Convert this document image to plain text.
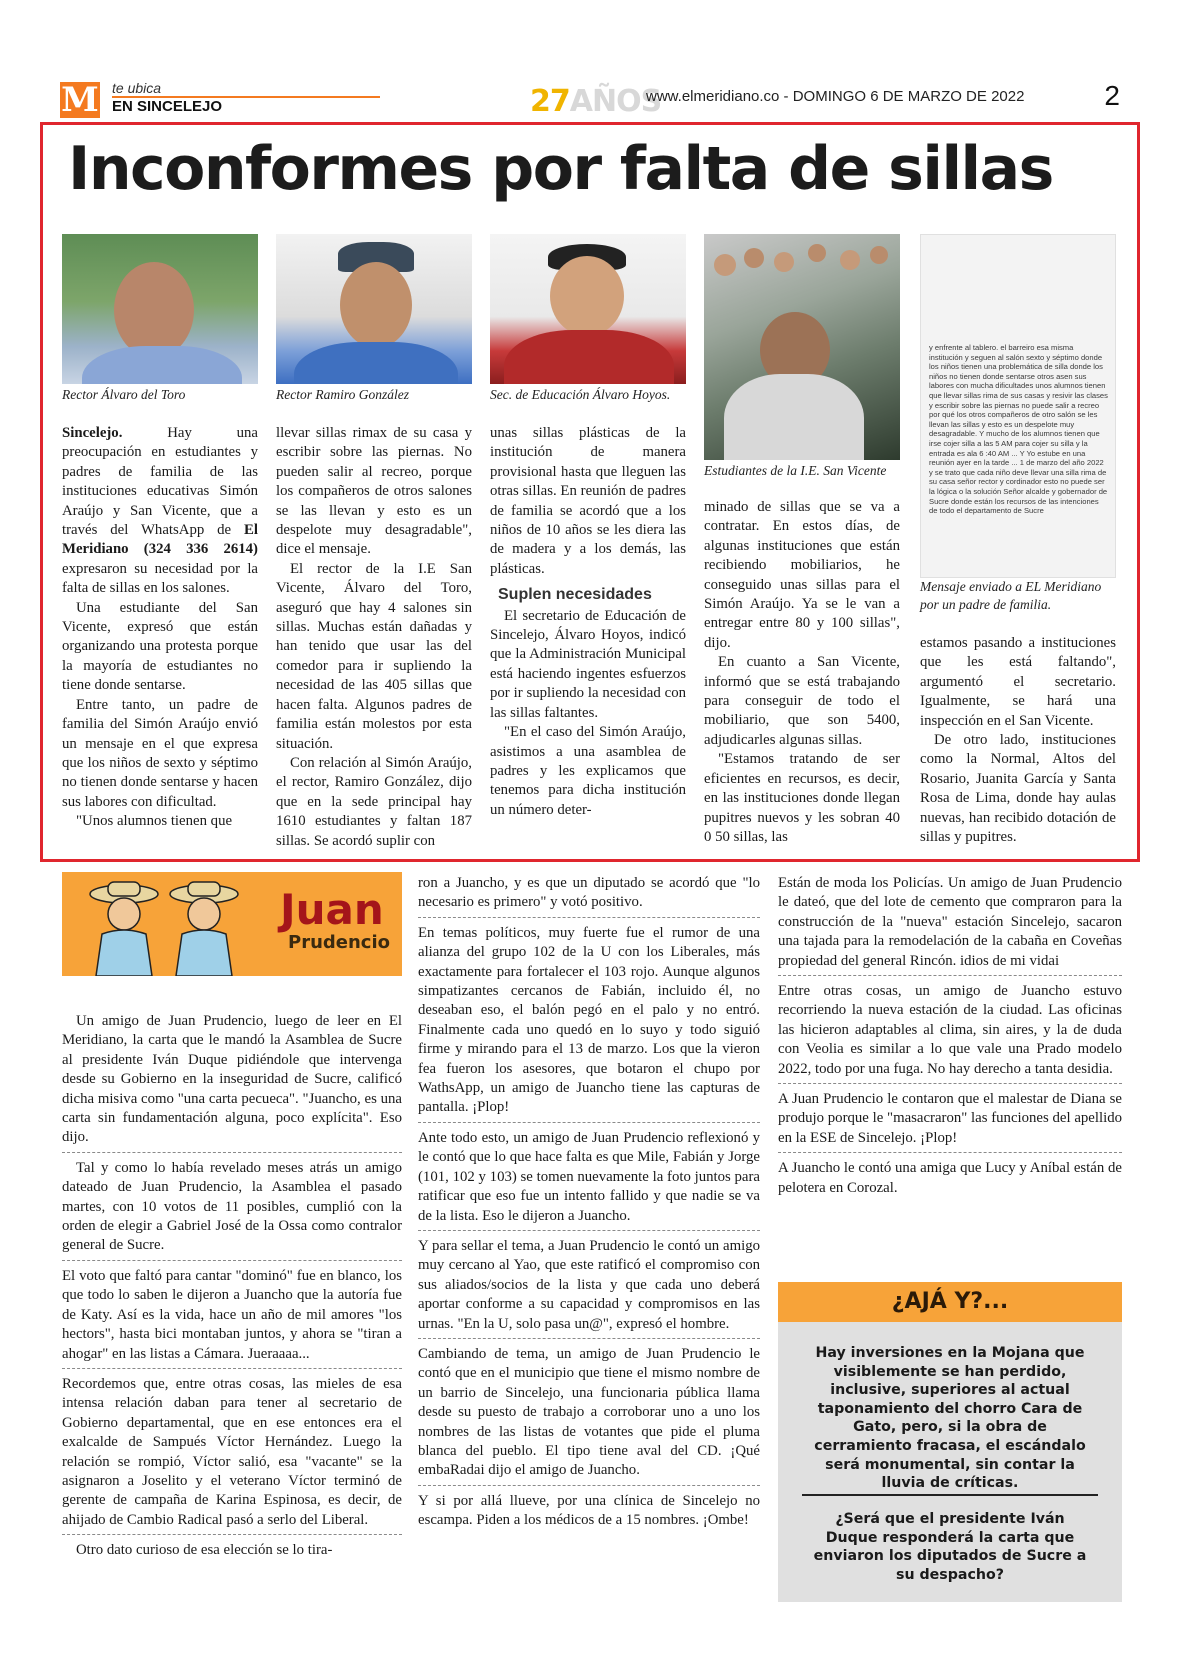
M te ubica
EN SINCELEJO	27AÑOS
www.elmeridiano.co - DOMINGO 6 DE MARZO DE 2022	2
Inconformes por falta de sillas
y enfrente al tablero. el barreiro esa misma institución y seguen al salón sexto y séptimo donde los niños tienen una problemática de silla donde los niños no tienen donde sentarse otros asen sus labores con mucha dificultades unos alumnos tienen que llevar sillas rima de sus casas y resivir las clases y escribir sobre las piernas no puede salir a recreo por qué los otros compañeros de otro salón se les llevan las sillas y esto es un despelote muy desagradable. Y mucho de los alumnos tienen que irse cojer silla a las 5 AM para cojer su silla y la entrada es ala 6 :40 AM ... Y Yo estube en una reunión ayer en la tarde ... 1 de marzo del año 2022 y se trato que cada niño deve llevar una silla rima de su casa señor rector y cordinador esto no puede ser la lógica o la solución Señor alcalde y gobernador de Sucre donde están los recursos de las intenciones de todo el departamento de Sucre
Rector Álvaro del Toro	Rector Ramiro González	Sec. de Educación Álvaro Hoyos.
Estudiantes de la I.E. San Vicente
Mensaje enviado a EL Meridiano por un padre de familia.

Sincelejo. Hay una preocupación en estudiantes y padres de familia de las instituciones educativas Simón Araújo y San Vicente, que a través del WhatsApp de El Meridiano (324 336 2614) expresaron su necesidad por la falta de sillas en los salones.

Una estudiante del San Vicente, expresó que están organizando una protesta porque la mayoría de estudiantes no tiene donde sentarse.

Entre tanto, un padre de familia del Simón Araújo envió un mensaje en el que expresa que los niños de sexto y séptimo no tienen donde sentarse y hacen sus labores con dificultad.

"Unos alumnos tienen que

llevar sillas rimax de su casa y escribir sobre las piernas. No pueden salir al recreo, porque los compañeros de otros salones se las llevan y esto es un despelote muy desagradable", dice el mensaje.

El rector de la I.E San Vicente, Álvaro del Toro, aseguró que hay 4 salones sin sillas. Muchas están dañadas y han tenido que usar las del comedor para ir supliendo la necesidad de las 405 sillas que hacen falta. Algunos padres de familia están molestos por esta situación.

Con relación al Simón Araújo, el rector, Ramiro González, dijo que en la sede principal hay 1610 estudiantes y faltan 187 sillas. Se acordó suplir con

unas sillas plásticas de la institución de manera provisional hasta que lleguen las otras sillas. En reunión de padres de familia se acordó que a los niños de 10 años se les diera las de madera y a los demás, las plásticas.

Suplen necesidades

El secretario de Educación de Sincelejo, Álvaro Hoyos, indicó que la Administración Municipal está haciendo ingentes esfuerzos por ir supliendo la necesidad con las sillas faltantes.

"En el caso del Simón Araújo, asistimos a una asamblea de padres y les explicamos que tenemos para dicha institución un número deter-

minado de sillas que se va a contratar. En estos días, de algunas instituciones que están recibiendo mobiliarios, he conseguido unas sillas para el Simón Araújo. Ya se le van a entregar entre 80 y 100 sillas", dijo.

En cuanto a San Vicente, informó que se está trabajando para conseguir de todo el mobiliario, que son 5400, adjudicarles algunas sillas.

"Estamos tratando de ser eficientes en recursos, es decir, en las instituciones donde llegan pupitres nuevos y les sobran 40 0 50 sillas, las

estamos pasando a instituciones que les está faltando", argumentó el secretario. Igualmente, se hará una inspección en el San Vicente.

De otro lado, instituciones como la Normal, Altos del Rosario, Juanita García y Santa Rosa de Lima, donde hay aulas nuevas, han recibido dotación de sillas y pupitres.

Juan
Prudencio

Un amigo de Juan Prudencio, luego de leer en El Meridiano, la carta que le mandó la Asamblea de Sucre al presidente Iván Duque pidiéndole que intervenga desde su Gobierno en la inseguridad de Sucre, calificó dicha misiva como "una carta pecueca". "Juancho, es una carta sin fundamentación alguna, poco explícita". Eso dijo.

Tal y como lo había revelado meses atrás un amigo dateado de Juan Prudencio, la Asamblea el pasado martes, con 10 votos de 11 posibles, cumplió con la orden de elegir a Gabriel José de la Ossa como contralor general de Sucre.

El voto que faltó para cantar "dominó" fue en blanco, los que todo lo saben le dijeron a Juancho que la autoría fue de Katy. Así es la vida, hace un año de mil amores "los hectors", hasta bici montaban juntos, y ahora se "tiran a ahogar" en las listas a Cámara. Jueraaaa...

Recordemos que, entre otras cosas, las mieles de esa intensa relación daban para tener al secretario de Gobierno departamental, que en ese entonces era el exalcalde de Sampués Víctor Hernández. Luego la relación se rompió, Víctor salió, esa "vacante" se la asignaron a Joselito y el veterano Víctor terminó de gerente de campaña de Karina Espinosa, es decir, de ahijado de Cambio Radical pasó a serlo del Liberal.

Otro dato curioso de esa elección se lo tira-

ron a Juancho, y es que un diputado se acordó que "lo necesario es primero" y votó positivo.

En temas políticos, muy fuerte fue el rumor de una alianza del grupo 102 de la U con los Liberales, más exactamente para fortalecer el 103 rojo. Aunque algunos simpatizantes cercanos de Fabián, incluido él, no deseaban eso, el balón pegó en el palo y no entró. Finalmente cada uno quedó en lo suyo y todo siguió firme y mirando para el 13 de marzo. Los que la vieron fea fueron los asesores, que botaron el chupo por WathsApp, un amigo de Juancho tiene las capturas de pantalla. ¡Plop!

Ante todo esto, un amigo de Juan Prudencio reflexionó y le contó que lo que hace falta es que Mile, Fabián y Jorge (101, 102 y 103) se tomen nuevamente la foto juntos para ratificar que eso fue un intento fallido y que nadie se va de la lista. Eso le dijeron a Juancho.

Y para sellar el tema, a Juan Prudencio le contó un amigo muy cercano al Yao, que este ratificó el compromiso con sus aliados/socios de la lista y que cada uno deberá aportar conforme a su capacidad y compromisos en las urnas. "En la U, solo pasa un@", expresó el hombre.

Cambiando de tema, un amigo de Juan Prudencio le contó que en el municipio que tiene el mismo nombre de un barrio de Sincelejo, una funcionaria pública llama desde su puesto de trabajo a corroborar uno a uno los nombres de las listas de votantes que pide el pluma blanca del pueblo. El tipo tiene aval del CD. ¡Qué embaRadai dijo el amigo de Juancho.

Y si por allá llueve, por una clínica de Sincelejo no escampa. Piden a los médicos de a 15 nombres. ¡Ombe!

Están de moda los Policías. Un amigo de Juan Prudencio le dateó, que del lote de cemento que compraron para la construcción de la "nueva" estación Sincelejo, sacaron una tajada para la remodelación de la cabaña en Coveñas propiedad del general Rincón. idios de mi vidai

Entre otras cosas, un amigo de Juancho estuvo recorriendo la nueva estación de la ciudad. Las oficinas las hicieron adaptables al clima, sin aires, y la de duda con Veolia es similar a lo que vale una Prado modelo 2022, todo por una fuga. No hay derecho a tanta desidia.

A Juan Prudencio le contaron que el malestar de Diana se produjo porque le "masacraron" las funciones del apellido en la ESE de Sincelejo. ¡Plop!

A Juancho le contó una amiga que Lucy y Aníbal están de pelotera en Corozal.

¿AJÁ Y?...
Hay inversiones en la Mojana que visiblemente se han perdido, inclusive, superiores al actual taponamiento del chorro Cara de Gato, pero, si la obra de cerramiento fracasa, el escándalo será monumental, sin contar la lluvia de críticas.
¿Será que el presidente Iván Duque responderá la carta que enviaron los diputados de Sucre a su despacho?
